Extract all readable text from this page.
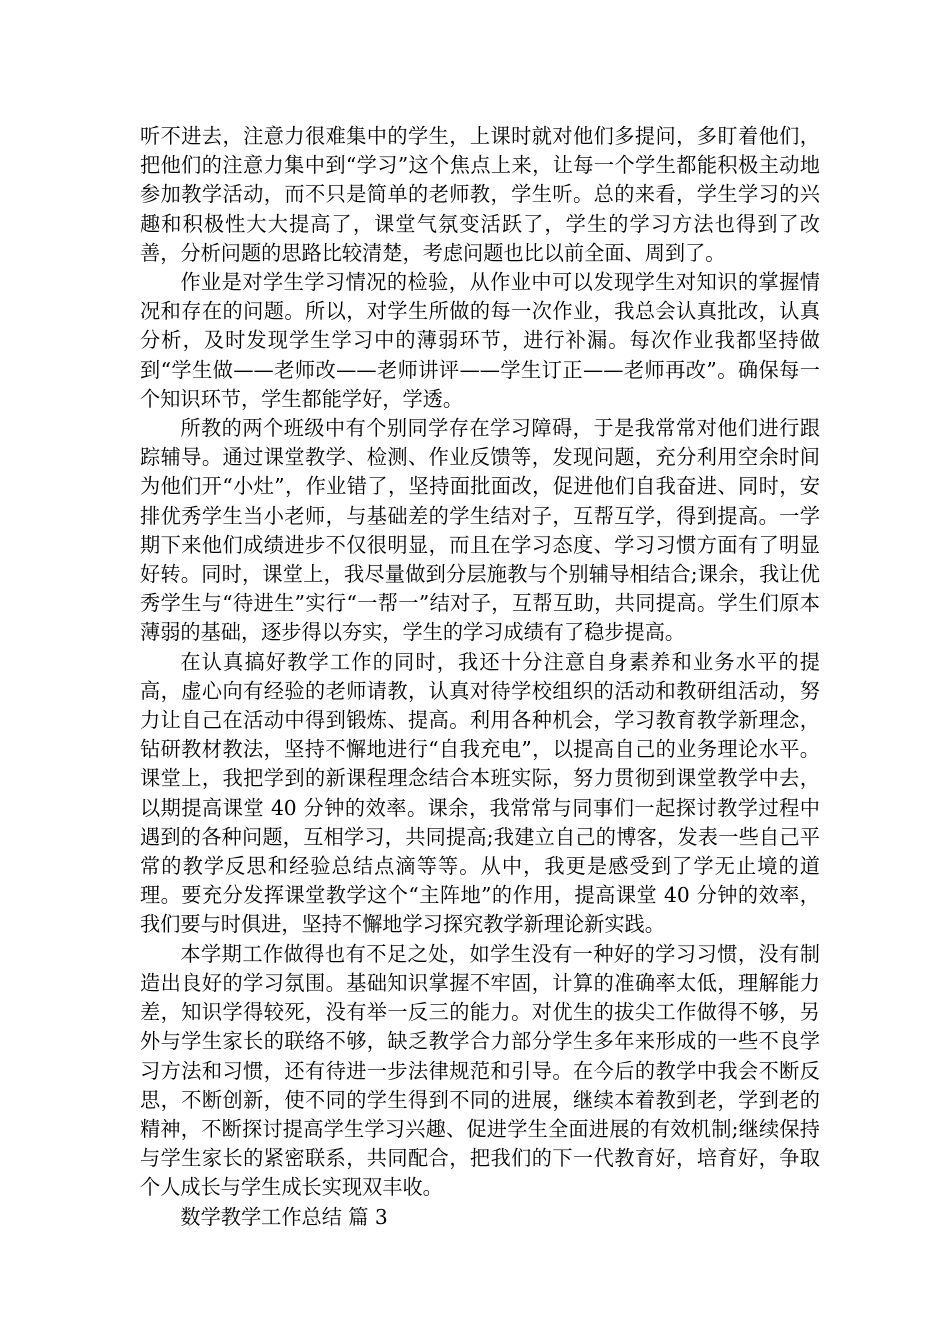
听不进去，注意力很难集中的学生，上课时就对他们多提问，多盯着他们，把他们的注意力集中到“学习”这个焦点上来，让每一个学生都能积极主动地参加教学活动，而不只是简单的老师教，学生听。总的来看，学生学习的兴趣和积极性大大提高了，课堂气氛变活跃了，学生的学习方法也得到了改善，分析问题的思路比较清楚，考虑问题也比以前全面、周到了。

作业是对学生学习情况的检验，从作业中可以发现学生对知识的掌握情况和存在的问题。所以，对学生所做的每一次作业，我总会认真批改，认真分析，及时发现学生学习中的薄弱环节，进行补漏。每次作业我都坚持做到“学生做——老师改——老师讲评——学生订正——老师再改”。确保每一个知识环节，学生都能学好，学透。

所教的两个班级中有个别同学存在学习障碍，于是我常常对他们进行跟踪辅导。通过课堂教学、检测、作业反馈等，发现问题，充分利用空余时间为他们开“小灶”，作业错了，坚持面批面改，促进他们自我奋进、同时，安排优秀学生当小老师，与基础差的学生结对子，互帮互学，得到提高。一学期下来他们成绩进步不仅很明显，而且在学习态度、学习习惯方面有了明显好转。同时，课堂上，我尽量做到分层施教与个别辅导相结合;课余，我让优秀学生与“待进生”实行“一帮一”结对子，互帮互助，共同提高。学生们原本薄弱的基础，逐步得以夯实，学生的学习成绩有了稳步提高。

在认真搞好教学工作的同时，我还十分注意自身素养和业务水平的提高，虚心向有经验的老师请教，认真对待学校组织的活动和教研组活动，努力让自己在活动中得到锻炼、提高。利用各种机会，学习教育教学新理念，钻研教材教法，坚持不懈地进行“自我充电”，以提高自己的业务理论水平。课堂上，我把学到的新课程理念结合本班实际，努力贯彻到课堂教学中去，以期提高课堂 40 分钟的效率。课余，我常常与同事们一起探讨教学过程中遇到的各种问题，互相学习，共同提高;我建立自己的博客，发表一些自己平常的教学反思和经验总结点滴等等。从中，我更是感受到了学无止境的道理。要充分发挥课堂教学这个“主阵地”的作用，提高课堂 40 分钟的效率，我们要与时俱进，坚持不懈地学习探究教学新理论新实践。

本学期工作做得也有不足之处，如学生没有一种好的学习习惯，没有制造出良好的学习氛围。基础知识掌握不牢固，计算的准确率太低，理解能力差，知识学得较死，没有举一反三的能力。对优生的拔尖工作做得不够，另外与学生家长的联络不够，缺乏教学合力部分学生多年来形成的一些不良学习方法和习惯，还有待进一步法律规范和引导。在今后的教学中我会不断反思，不断创新，使不同的学生得到不同的进展，继续本着教到老，学到老的精神，不断探讨提高学生学习兴趣、促进学生全面进展的有效机制;继续保持与学生家长的紧密联系，共同配合，把我们的下一代教育好，培育好，争取个人成长与学生成长实现双丰收。

数学教学工作总结 篇 3
